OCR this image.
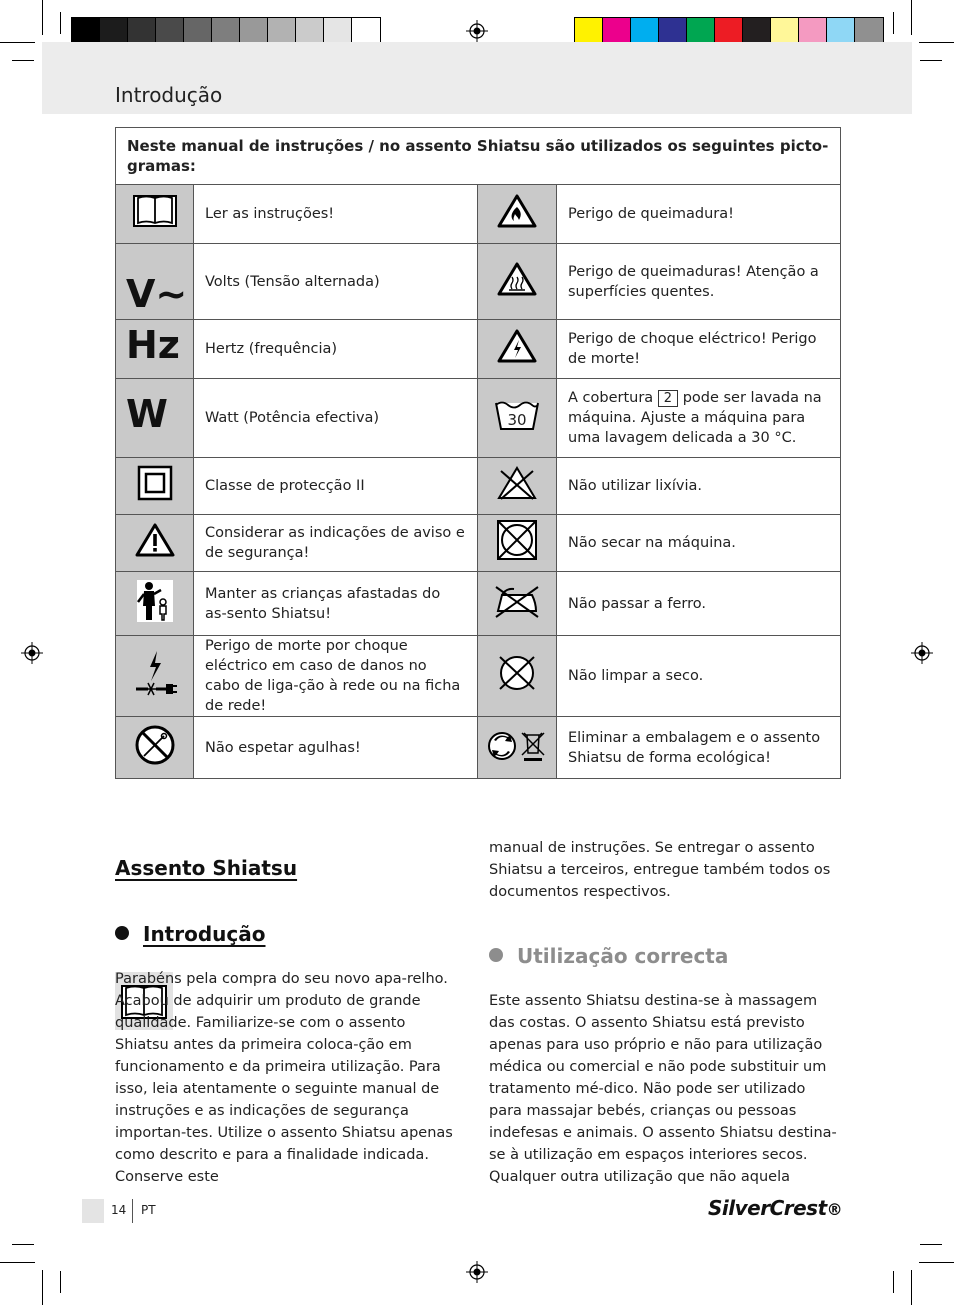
Introdução
Neste manual de instruções / no assento Shiatsu são utilizados os seguintes picto-gramas:			
	Ler as instruções!		Perigo de queimadura!
V~	Volts (Tensão alternada)		Perigo de queimaduras! Atenção a superfícies quentes.
Hz	Hertz (frequência)		Perigo de choque eléctrico! Perigo de morte!
W	Watt (Potência efectiva)	30	A cobertura 2 pode ser lavada na máquina. Ajuste a máquina para uma lavagem delicada a 30 °C.
	Classe de protecção II		Não utilizar lixívia.
	Considerar as indicações de aviso e de segurança!		Não secar na máquina.
	Manter as crianças afastadas do as-sento Shiatsu!		Não passar a ferro.
	Perigo de morte por choque eléctrico em caso de danos no cabo de liga-ção à rede ou na ficha de rede!		Não limpar a seco.
	Não espetar agulhas!		Eliminar a embalagem e o assento Shiatsu de forma ecológica!
Assento Shiatsu
Introdução

Parabéns pela compra do seu novo apa-relho. Acabou de adquirir um produto de grande qualidade. Familiarize-se com o assento Shiatsu antes da primeira coloca-ção em funcionamento e da primeira utilização. Para isso, leia atentamente o seguinte manual de instruções e as indicações de segurança importan-tes. Utilize o assento Shiatsu apenas como descrito e para a finalidade indicada. Conserve este

manual de instruções. Se entregar o assento Shiatsu a terceiros, entregue também todos os documentos respectivos.

Utilização correcta

Este assento Shiatsu destina-se à massagem das costas. O assento Shiatsu está previsto apenas para uso próprio e não para utilização médica ou comercial e não pode substituir um tratamento mé-dico. Não pode ser utilizado para massajar bebés, crianças ou pessoas indefesas e animais. O assento Shiatsu destina-se à utilização em espaços interiores secos. Qualquer outra utilização que não aquela

14 PT	SilverCrest®
